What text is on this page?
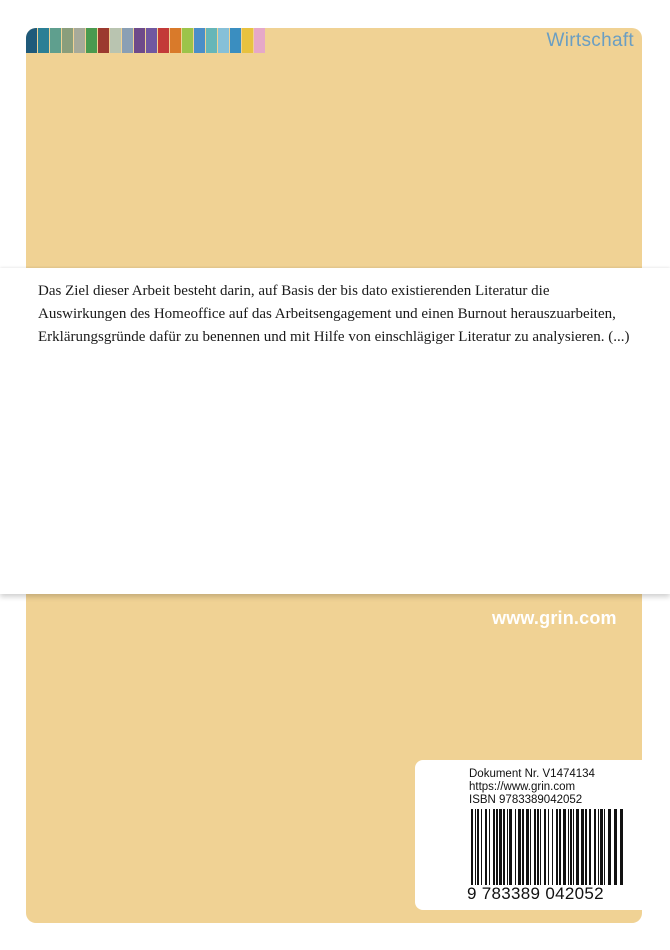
Wirtschaft

Das Ziel dieser Arbeit besteht darin, auf Basis der bis dato existierenden Literatur die Auswirkungen des Homeoffice auf das Arbeitsengagement und einen Burnout herauszuarbeiten, Erklärungsgründe dafür zu benennen und mit Hilfe von einschlägiger Literatur zu analysieren. (...)

www.grin.com
Dokument Nr. V1474134
https://www.grin.com
ISBN 9783389042052
9 783389 042052
